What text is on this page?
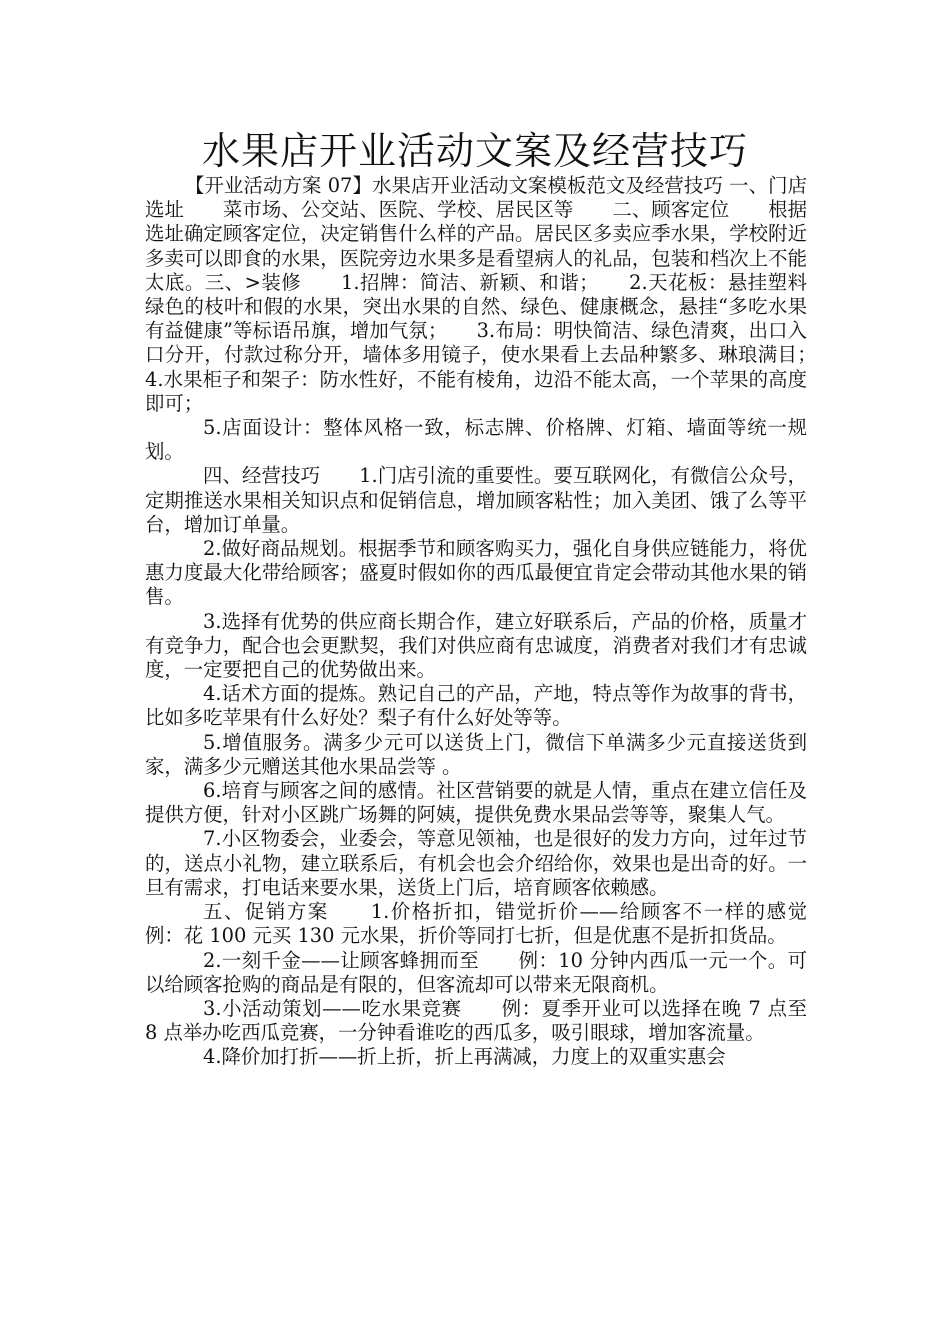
水果店开业活动文案及经营技巧

【开业活动方案 07】水果店开业活动文案模板范文及经营技巧 一、门店选址　　菜市场、公交站、医院、学校、居民区等　　二、顾客定位　　根据选址确定顾客定位，决定销售什么样的产品。居民区多卖应季水果，学校附近多卖可以即食的水果，医院旁边水果多是看望病人的礼品，包装和档次上不能太底。三、>装修　　1.招牌：简洁、新颖、和谐；　　2.天花板：悬挂塑料绿色的枝叶和假的水果，突出水果的自然、绿色、健康概念，悬挂“多吃水果有益健康”等标语吊旗，增加气氛；　　3.布局：明快简洁、绿色清爽，出口入口分开，付款过称分开，墙体多用镜子，使水果看上去品种繁多、琳琅满目；　　4.水果柜子和架子：防水性好，不能有棱角，边沿不能太高，一个苹果的高度即可；

5.店面设计：整体风格一致，标志牌、价格牌、灯箱、墙面等统一规划。

四、经营技巧　　1.门店引流的重要性。要互联网化，有微信公众号，定期推送水果相关知识点和促销信息，增加顾客粘性；加入美团、饿了么等平台，增加订单量。

2.做好商品规划。根据季节和顾客购买力，强化自身供应链能力，将优惠力度最大化带给顾客；盛夏时假如你的西瓜最便宜肯定会带动其他水果的销售。

3.选择有优势的供应商长期合作，建立好联系后，产品的价格，质量才有竞争力，配合也会更默契，我们对供应商有忠诚度，消费者对我们才有忠诚度，一定要把自己的优势做出来。

4.话术方面的提炼。熟记自己的产品，产地，特点等作为故事的背书，比如多吃苹果有什么好处？梨子有什么好处等等。

5.增值服务。满多少元可以送货上门，微信下单满多少元直接送货到家，满多少元赠送其他水果品尝等 。

6.培育与顾客之间的感情。社区营销要的就是人情，重点在建立信任及提供方便，针对小区跳广场舞的阿姨，提供免费水果品尝等等，聚集人气。

7.小区物委会，业委会，等意见领袖，也是很好的发力方向，过年过节的，送点小礼物，建立联系后，有机会也会介绍给你，效果也是出奇的好。一旦有需求，打电话来要水果，送货上门后，培育顾客依赖感。

五、促销方案　　1.价格折扣，错觉折价——给顾客不一样的感觉　　例：花 100 元买 130 元水果，折价等同打七折，但是优惠不是折扣货品。

2.一刻千金——让顾客蜂拥而至　　例：10 分钟内西瓜一元一个。可以给顾客抢购的商品是有限的，但客流却可以带来无限商机。

3.小活动策划——吃水果竞赛　　例：夏季开业可以选择在晚 7 点至 8 点举办吃西瓜竞赛，一分钟看谁吃的西瓜多，吸引眼球，增加客流量。

4.降价加打折——折上折，折上再满减，力度上的双重实惠会
